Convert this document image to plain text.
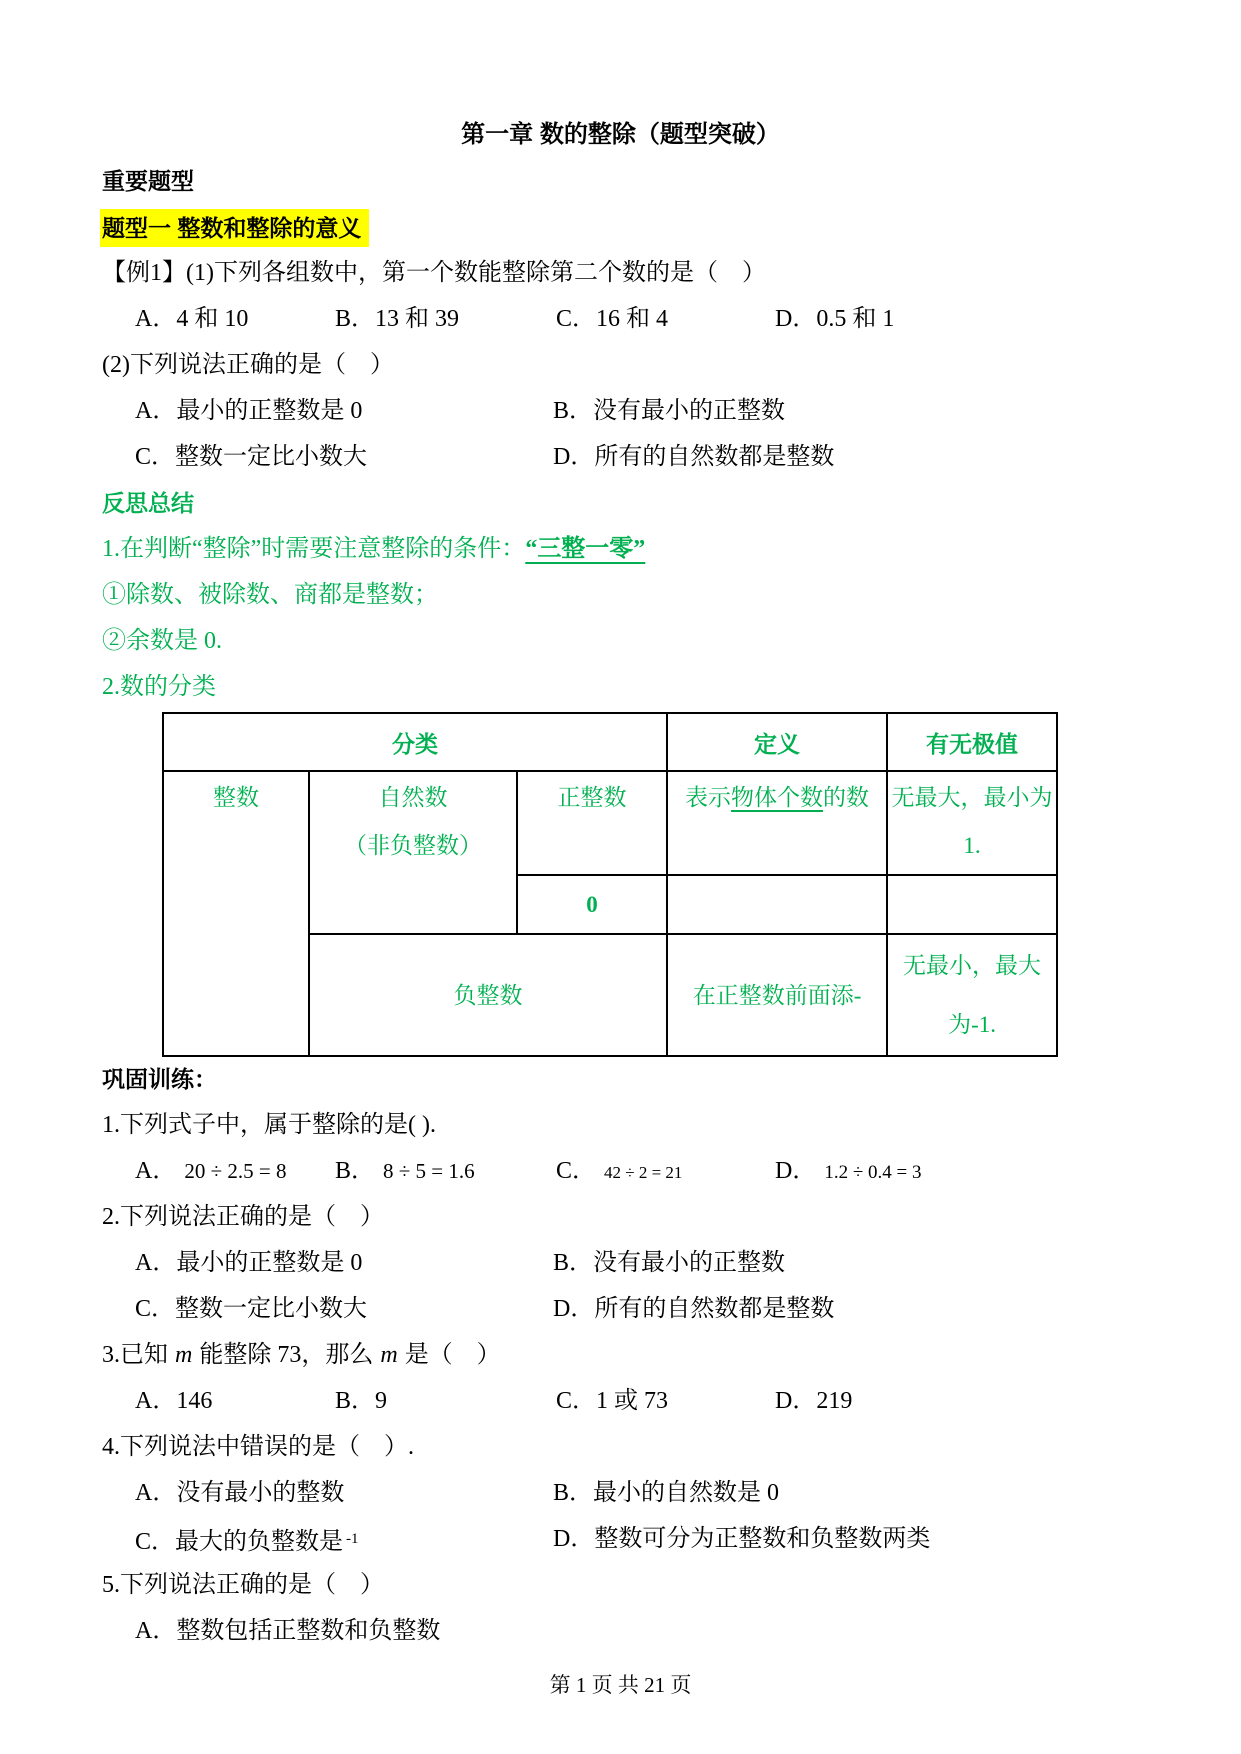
第一章 数的整除（题型突破）
重要题型
题型一 整数和整除的意义
【例1】(1)下列各组数中，第一个数能整除第二个数的是（　）
A．4 和 10	B．13 和 39	C．16 和 4	D．0.5 和 1
(2)下列说法正确的是（　）
A．最小的正整数是 0	B．没有最小的正整数
C．整数一定比小数大	D．所有的自然数都是整数
反思总结
1.在判断“整除”时需要注意整除的条件：“三整一零”
①除数、被除数、商都是整数；
②余数是 0.
2.数的分类
分类			定义	有无极值
整数	自然数
（非负整数）	正整数	表示物体个数的数	无最大，最小为 1.
		0		
	负整数		在正整数前面添-	无最小，最大为-1.
巩固训练：
1.下列式子中，属于整除的是( ).
A． 20 ÷ 2.5 = 8 B． 8 ÷ 5 = 1.6	C． 42 ÷ 2 = 21	D． 1.2 ÷ 0.4 = 3
2.下列说法正确的是（　）
A．最小的正整数是 0	B．没有最小的正整数
C．整数一定比小数大	D．所有的自然数都是整数
3.已知 m 能整除 73，那么 m 是（　）
A．146	B．9	C．1 或 73	D．219
4.下列说法中错误的是（　）.
A．没有最小的整数	B．最小的自然数是 0
C．最大的负整数是 $^{-1}$	D．整数可分为正整数和负整数两类
5.下列说法正确的是（　）
A．整数包括正整数和负整数
第 1 页 共 21 页
